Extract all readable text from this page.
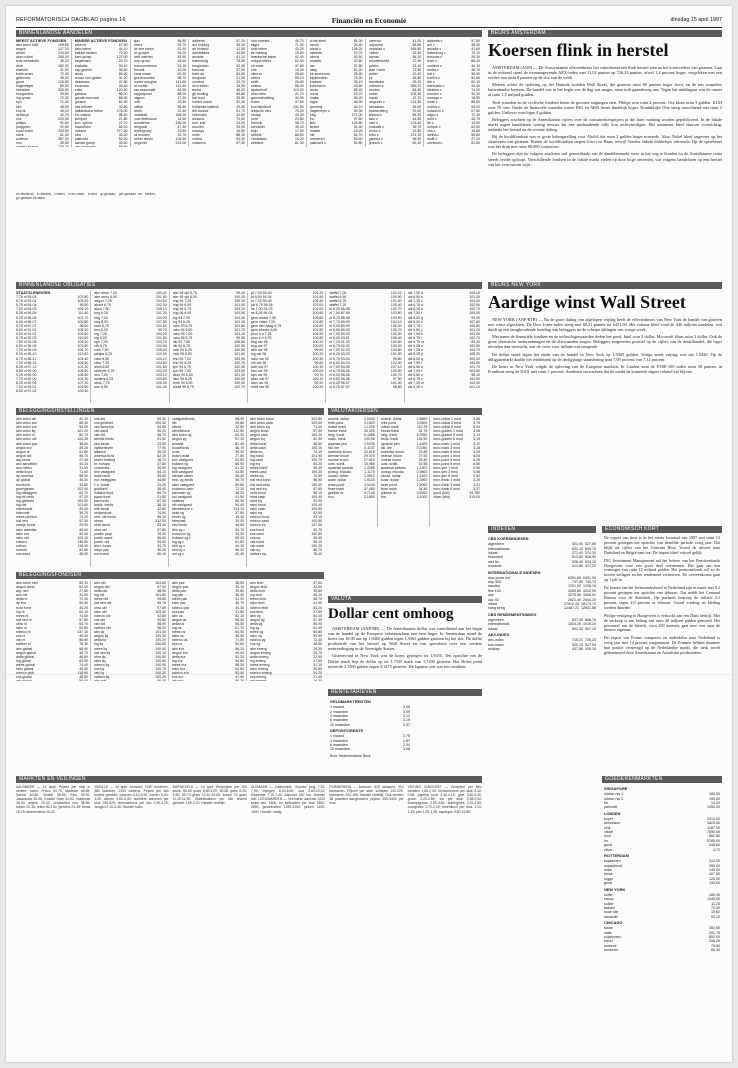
REFORMATORISCH DAGBLAD pagina 16	Financiën en Economie	dinsdag 15 april 1997
BINNENLANDSE AANDELEN
MEEST ACTIEVE FONDSEN
abn amro hold	105,80
aegon	127,10
ahold	134,60
akzo nobel	265,00
bols wessanen	35,20
dsm	182,20
elsevier	31,90
fortis amev	72,40
getronics	48,20
gucci	126,80
hagemeyer	89,50
heineken	330,50
hoogovens	99,60
ing groep	72,30
kpn	71,40
klm	48,90
knp bt	45,10
nedlloyd	42,70
oce	229,00
philips	91,60
polygram	92,80
royal dutch	333,50
stork	61,40
unilever	387,00
vnu	39,80
MINDER ACTIEVE FONDSEN
ahrend	67,50
asm intern	44,10
ballast nedam	79,90
bam groep	122,00
begemann	24,70
boskalis	39,10
cap gemini	38,60
cindu	89,00
crown van gelder	31,20
desseaux	47,80
econosto	26,40
eriks	120,50
gamma	96,00
gouda vuurvast	68,30
grolsch	61,90
hes beheer	43,80
hollandsche beton	276,00
ihc caland	98,40
kempen	21,80
kon. sphinx	22,70
macintosh	56,10
nutricia	277,50
otra	30,20
pakhoed	52,00
samas groep	35,60
ajax	56,80
beers	29,70
de drie electr	61,40
de gruyter	33,20
delft instrum	45,90
dorp groep	18,60
eurocommerce	24,10
flexovit	40,00
frans maas	62,30
gist-brocades	58,70
hunter douglas	141,60
int muller	112,40
kas associatie	64,90
koppelpoort	88,00
nagron	17,20
norit	22,50
palthe	36,80
pirelli	12,40
randstad	168,20
rood testhouse	14,90
schuitema	236,00
telegraaf	47,30
textielgroep	19,80
vd moolen	31,70
volker stevin	104,50
wegener	213,00
aalberts	57,20
acf holding	38,40
air holland	12,30
amstelland	44,80
arcadis	41,10
batenburg	78,50
berghuizer	63,40
besouw	27,90
boer de	84,60
burgman	21,30
content	33,70
dico intern	18,90
emba	46,20
gti holding	69,80
hal trust	35,50
hoek's mach	52,10
hollandia kattenb	29,40
ibb kondor	61,70
internatio	42,80
kiekens	73,60
kon. kne	24,20
moolen	39,90
neways	16,50
nolte	88,10
ordina	54,40
rodamco	67,30
roto smeets	48,70
sligro	71,90
smit intern	43,20
tie holding	15,60
twentsche kabel	92,40
unique intern	62,50
vd ende	37,80
vhs	19,30
vilenzo	28,60
welna	55,10
wolff	26,80
ceteco	58,40
dyckerhoff	113,00
ehco kles	21,70
gammaholding	34,90
holec	47,60
kon bijenkorf	131,50
leidsche verz	76,20
nedap	44,30
pont	23,80
reesink	98,70
schoeller	39,40
tulip	17,90
ubbink	66,60
vredestein	14,20
zeeland	81,30
a.nat.steel	81,00
accell	26,40
ahold c	138,20
alanheri	19,70
alrenz	43,50
arcadis	42,60
asr	37,80
atag	61,20
be semicond	28,90
blydenstein	74,30
brabant	35,10
buhrmann	49,60
cindu	88,40
corus	23,70
draka	58,20
fugro	46,90
grontmij	64,10
hagemeyer c	90,30
hbg	271,00
ihc	97,60
kbb	129,80
landré	31,40
mulder	18,20
nkf	54,70
ommeren	59,40
pakhoed c	52,80
parenco	41,20
polynorm	66,80
randstad c	169,50
rubber	22,40
samas	36,10
schuttersveld	27,90
sphinx	23,10
stad r'dam	72,50
textiel	20,40
tnt	48,80
twentsche	93,10
unilever c	389,20
vendex	84,60
volker	105,30
vopak	43,70
wegener c	214,50
wessanen	35,90
zwanenberg	29,60
ahrend c	68,20
asm c	44,80
bam c	123,40
boskalis c	39,70
crown c	31,80
eriks c	121,10
gamma c	96,90
grolsch c	62,40
aalberts c	57,80
acf c	38,90
arcadis c	41,60
batenburg c	79,10
besouw c	28,30
boer c	85,20
content c	34,10
emba c	46,70
hal c	35,90
hoek's c	52,60
ibb c	62,10
internatio c	43,30
kiekens c	74,00
moolen c	40,30
neways c	16,90
nolte c	88,60
ordina c	54,90
rodamco c	67,80
sligro c	72,30
smit c	43,70
tie c	15,90
unique c	62,90
vhs c	19,60
welna c	55,60
wolff c	27,20
zeeland c	81,80
ex-dividend, b=bieden, l=laten, x=ex-claim, s=slot, g=gedaan, gb=gedaan en bieden, gl=gedaan en laten.
BINNENLANDSE OBLIGATIES
STAATSLENINGEN
7,75 nl 93-03	102,80
6,75 nl 93-04	105,20
5,75 nl 94-04	99,90
7,00 nl 94-05	106,10
8,25 nl 95-05	111,40
6,25 nl 96-06	102,70
6,00 nl 96-07	100,80
5,75 nl 97-07	98,60
8,50 nl 91-01	108,20
9,00 nl 91-01	109,50
8,75 nl 92-02	110,90
7,50 nl 93-08	108,30
6,50 nl 96-08	103,80
7,25 nl 94-09	106,70
8,00 nl 95-10	112,60
6,75 nl 96-11	104,40
7,00 nl 96-12	105,90
6,25 nl 97-13	101,20
8,50 nl 90-00	105,60
9,25 nl 90-00	106,90
7,75 nl 92-00	104,30
8,25 nl 92-01	107,10
7,00 nl 93-01	103,50
6,00 nl 97-02	100,40
abn amro 7,00	103,40
abn amro 6,50	101,80
aegon 7,25	104,60
ahold 6,75	102,30
akzo 7,50	105,10
bng 6,25	101,20
bng 7,00	104,00
bng 8,00	107,80
dsm 6,75	102,60
fmo 6,00	99,70
ing 7,25	104,20
ing 6,50	101,50
kpn 7,00	103,70
nib 6,75	102,90
nwb 7,50	105,40
philips 6,25	100,90
rabo 6,00	100,10
rabo 7,25	104,80
shell 6,50	101,60
unilever 6,75	102,20
vnu 7,00	103,10
wolters 6,25	100,60
stork 7,75	106,30
oce 6,50	101,40
abn 94 opl 5,75	99,40
abn 95 opl 6,00	100,20
bng 93 7,25	105,30
bng 94 6,50	101,90
bng 95 6,75	103,10
bng 96 6,00	100,50
ing 93 7,00	104,40
ing 94 6,25	101,10
rabo 93 6,75	102,80
rabo 94 6,50	101,70
rabo 95 7,00	104,10
rabo 96 5,75	99,30
nib 93 7,50	105,60
nib 94 6,75	102,50
nwb 94 6,25	100,80
nwb 95 6,50	101,60
fmo 93 7,00	103,90
fmo 94 6,25	100,70
kpn 94 6,75	102,40
kpn 95 7,00	103,60
akzo 94 6,50	101,30
dsm 95 6,25	100,60
shell 94 6,00	100,00
ahold 95 6,75	102,70
pt 7,00 93-03	104,20
pt 6,50 94-04	101,90
pt 7,25 95-05	105,40
ptt 6,75 96-06	103,00
ns 7,00 93-03	104,00
ns 6,25 95-05	100,90
gem a'dam 7,50	105,80
gem r'dam 7,00	103,80
gem den haag 6,75	102,60
gem utrecht 6,50	101,50
prov n-h 7,25	104,90
prov z-h 6,75	102,80
bng var 96	100,10
bng var 97	100,00
abn var 95	99,90
ing var 96	100,20
rabo var 95	100,30
nib var 96	99,80
nwb var 97	100,40
fmo var 95	100,00
kpn var 96	99,70
akzo var 97	100,10
dsm var 96	99,90
shell var 95	100,20
staffel 7,00	102,10
staffel 6,50	100,90
staffel 6,75	101,60
staffel 7,25	103,40
nl 8,25 86-98	102,70
nl 7,50 87-99	103,60
nl 8,75 88-98	103,90
nl 7,75 89-99	104,10
nl 9,00 89-99	106,20
nl 8,50 89-00	105,70
nl 7,00 90-00	103,30
nl 8,00 90-01	106,40
nl 7,25 91-02	104,50
nl 6,75 92-02	103,20
nl 7,00 92-03	104,60
nl 6,25 93-03	101,80
nl 5,75 93-04	99,80
nl 6,50 94-04	102,40
nl 7,50 94-05	107,10
nl 6,75 95-05	103,90
nl 6,00 95-06	100,70
nl 5,50 96-06	97,90
nl 6,25 96-07	101,40
nl 5,75 97-07	98,80
obl 7,00 a	103,10
obl 6,50 b	101,30
obl 7,25 c	104,40
obl 6,75 d	102,50
obl 6,25 e	100,70
obl 7,50 f	105,50
obl 6,00 g	99,90
obl 8,00 h	107,60
obl 7,75 i	106,80
obl 6,50 j	101,20
obl 7,00 k	103,50
obl 6,75 l	102,70
obl 5,75 m	99,20
obl 6,25 n	100,90
obl 7,25 o	104,70
obl 8,25 p	108,30
obl 6,00 q	100,00
obl 7,50 r	105,90
obl 6,50 s	101,70
obl 7,00 t	103,80
obl 5,50 u	98,10
obl 6,75 v	102,90
obl 7,25 w	104,30
obl 6,25 x	101,10
VALUTAKOERSEN
amerik. dollar	1,9340
brits pond	3,1520
duitse mark	1,1235
franse frank	33,325
belg. frank	5,4455
zwits. frank	130,96
japanse yen	1,5235
ital. lire	0,1137
zweedse kroon	24,915
deense kroon	29,470
noorse kroon	27,610
oost. schill.	15,965
spaanse peseta	1,3285
portug. escudo	1,1175
canad. dollar	1,3910
austr. dollar	1,5130
ierse pond	3,0140
finse mark	37,480
griekse dr.	0,7145
ecu	2,1855
amerik. dollar	1,8600
brits pond	3,0500
duitse mark	110,75
franse frank	31,75
belg. frank	5,2550
zwits. frank	126,50
japanse yen	1,4300
ital. lire	0,1050
zweedse kroon	22,85
deense kroon	27,90
noorse kroon	25,40
oost. schill.	15,56
spaanse peseta	1,2300
portug. escudo	0,9800
canad. dollar	1,3100
austr. dollar	1,3900
ierse pond	2,9000
finse mark	34,50
griekse dr.	0,6200
ecu	2,1000
euro-dollar 1 mnd	5,56
euro-dollar 3 mnd	5,75
euro-dollar 6 mnd	5,93
euro-gulden 1 mnd	3,06
euro-gulden 3 mnd	3,12
euro-gulden 6 mnd	3,19
euro-mark 1 mnd	3,12
euro-mark 3 mnd	3,18
euro-mark 6 mnd	3,25
euro-pond 1 mnd	6,06
euro-pond 3 mnd	6,25
euro-pond 6 mnd	6,50
euro-yen 1 mnd	0,50
euro-yen 3 mnd	0,56
euro-yen 6 mnd	0,62
euro-frank 1 mnd	3,25
euro-frank 3 mnd	3,31
euro-frank 6 mnd	3,37
goud (kilo)	19.780
zilver (kilo)	319,00
BELEGGINGSINSTELLINGEN
abn amro afr	42,10
abn amro am	68,40
abn amro eur	55,90
abn amro liq	101,20
abn amro nl	82,70
abn amro obl	104,30
abn amro pac	38,60
aegon eur	49,20
aegon nl	61,80
aegon obl	96,70
alg fonds	27,40
asn aandelen	44,10
asn milieu	31,50
delta lloyd	71,60
dp america	58,90
dp global	46,30
eurofund	33,80
groeigarant	102,40
ing beleggers	63,70
ing bk rente	97,20
ing geldmkt	100,90
ing obl	101,60
interbonds	95,40
interunie	39,70
mees pierson	74,20
nat ned	57,30
oranje fonds	29,90
rabo amerika	45,60
rabo eur	52,40
rabo obl	103,10
robeco	136,80
rolinco	118,40
rorento	92,60
sns aand	48,90
sns obl	99,30
sns geldmkt	100,40
van lanschot	64,80
vsb aand	56,20
vsb obl	98,70
wereld fonds	41,30
yen fonds	23,60
zwitserleven	77,90
alliance	35,20
america fund	62,40
bever holding	18,70
br. europa	47,80
concentra	26,90
dim vastgoed	54,10
dutch tech	39,60
eur. beleggers	44,80
f. h. fonds	31,20
goldfund	28,40
holland fund	59,70
japan fund	21,80
kas fonds	87,30
landb. fonds	36,10
mfk fonds	42,60
nedamtrust	74,90
ned. obl fonds	96,10
obam	312,00
ohra aand	53,40
ohra obl	97,80
pacific prop	19,30
postb. aand	66,50
postb. obl	99,60
tech. fonds	34,70
tokyo pac	38,20
uni invest	45,10
vastgoedfonds	58,30
vib	49,60
wilma	32,80
wereldhave	112,50
abn amro vg	64,20
aegon vg	57,10
amvest	81,40
bouwfonds	46,70
corio	39,30
dutch retail	27,60
eur. vastgoed	53,80
holland vg	68,90
ing vastgoed	61,20
kbb vastgoed	43,50
nieuwe steen	36,40
ned. vg fonds	55,70
rabo vastgoed	59,80
rodamco nam	72,10
schroder vg	48,20
uni vastgoed	41,90
vastned	66,30
vib vastgoed	50,40
wereldhave c	113,10
zeist vg	37,80
bever vg	19,10
breevast	29,40
cbv fonds	44,60
dim vg c	54,70
eurocom vg	33,20
holland vg c	69,40
ing vg c	61,80
kbb vg c	44,10
ned vg c	56,20
uni vg c	42,40
abn amro bond	102,80
abn amro cash	100,60
abn amro eq	71,40
aegon bond	97,30
aegon cash	100,20
aegon eq	62,30
delta bond	98,60
delta cash	100,10
delta eq	72,10
ing bond	101,90
ing cash	100,70
ing eq	64,20
mees bond	99,40
mees cash	100,30
mees eq	74,80
nat ned bond	96,90
nat ned cash	100,00
nat ned eq	57,90
ohra bond	98,10
ohra cash	100,40
ohra eq	53,90
rabo bond	103,40
rabo cash	100,50
rabo eq	52,90
robeco bond	93,10
robeco cash	100,80
robeco eq	137,30
sns bond	99,70
sns cash	100,60
sns eq	49,40
vsb bond	99,10
vsb cash	100,20
vsb eq	56,70
zwitser eq	78,40
BELEGGINGSFONDSEN
abn amro ned	83,10
aegon aand	62,40
alg. ned	27,80
asn mil	31,90
delta nl	72,30
dp eur	59,40
euro fund	34,20
ing nl	64,10
mees nl	74,60
nat ned nl	57,80
ohra nl	53,70
rabo nl	52,80
robeco nl	137,10
sns nl	49,30
vsb nl	56,60
zwitser nl	78,30
abn global	68,90
aegon global	49,70
delta global	46,80
ing global	63,90
mees global	74,40
rabo global	45,90
robeco glob	118,90
sns global	48,60
abn obl	104,60
aegon obl	97,00
delta obl	98,90
ing obl	101,80
mees obl	99,60
nat ned obl	96,70
ohra obl	97,60
rabo obl	103,30
robeco obl	92,80
sns obl	99,50
vsb obl	98,90
zwitser obl	98,20
abn liq	101,40
aegon liq	100,30
delta liq	100,20
ing liq	100,80
mees liq	100,40
nat ned liq	100,10
ohra liq	100,50
rabo liq	100,60
robeco liq	100,90
sns liq	100,70
vsb liq	100,30
zwitser liq	100,20
abn pac	38,90
aegon pac	33,10
delta pac	29,60
ing pac	36,40
mees pac	41,20
rabo pac	35,70
robeco pac	44,30
sns pac	31,80
abn us	62,10
aegon us	58,40
delta us	55,30
ing us	61,70
mees us	64,90
rabo us	45,40
robeco us	71,80
sns us	52,60
abn eur	56,10
aegon eur	49,40
delta eur	51,20
ing eur	54,80
mees eur	58,30
rabo eur	52,60
robeco eur	63,40
sns eur	47,90
abn tech	47,60
aegon tech	42,30
delta tech	39,80
ing tech	45,10
mees tech	48,70
rabo tech	41,90
robeco tech	53,20
sns tech	37,60
abn vg	64,40
aegon vg	57,30
delta vg	55,90
ing vg	61,40
mees vg	66,80
rabo vg	59,90
robeco vg	72,40
sns vg	48,50
abn emerg	29,30
aegon emerg	24,70
delta emerg	22,90
ing emerg	27,60
mees emerg	31,10
rabo emerg	25,80
robeco emerg	34,20
sns emerg	21,40
VALUTA
Dollar cent omhoog

AMSTERDAM (ANP/RB) — De Amerikaanse dollar was vanochtend aan het begin van de handel op de Europese valutamarkten een cent hoger. In Amsterdam stond de koers om 10.00 uur op 1,9465 gulden tegen 1,9365 gulden gisteren bij het slot. De dollar profiteerde van het herstel op Wall Street en van speculatie over een verdere renteverhoging in de Verenigde Staten.

Gisteravond in New York was de koers gestegen tot 1,9455. Ten opzichte van de Duitse mark liep de dollar op tot 1,7335 mark van 1,7280 gisteren. Het Britse pond noteerde 3,1560 gulden tegen 3,1475 gisteren. De Japanse yen was iets zwakker.

RENTETARIEVEN
GELDMARKTRENTEN
1 maand	3,06
2 maanden	3,09
3 maanden	3,12
6 maanden	3,19
12 maanden	3,37
DEPOSITORENTE
1 maand	2,75
3 maanden	2,87
6 maanden	2,94
12 maanden	3,06
Bron: Nederlandsche Bank
MARKTEN EN VEILINGEN

AALSMEER — 14 april. Prijzen per stuk in centen: rozen: Frisco 50-70, Madelon 45-65, Sacha 40-60, Vivaldi 38-55, Kiss 35-52, Jacaranda 30-48, Golden Gate 42-62, Noblesse 36-54; anjers: 20-32; chrysanten tros 38-58; tulpen 22-35; lelies 80-140; gerbera 24-38; fresia 18-29; alstroemeria 25-42.

ZWOLLE — 14 april. Aanvoer: 1240 runderen, 380 kalveren, 2100 varkens. Prijzen per kilo levend gewicht: vaarzen 4,10-4,90, koeien 3,40-4,20, stieren 4,60-5,30; nuchtere kalveren per stuk 290-520; vleesvarkens per kilo 2,95-3,20; zeugen 2,10-2,45. Handel: kalm.

BARNEVELD — 14 april. Eierprijzen per 100 stuks: 55-60 gram 8,50-9,20; 60-65 gram 9,20-9,90; 65-70 gram 10,10-10,80; boven 70 gram 11,20-11,90. Slachtkuikens per kilo levend gewicht 1,95-2,10. Handel: redelijk.

ALKMAAR — Kaasmarkt. Goudse jong 7,20-7,50, belegen 8,40-8,80, oud 9,60-10,10, Edammer 7,10-7,40. Aanvoer 240 ton. Handel: vlot. LEEUWARDEN — Veemarkt: aanvoer 2210 stuks vee. Melk- en kalfkoeien per stuk 1850-2650, gustekoeien 1450-2100, pinken 1100-1600. Handel: matig.

PURMEREND — Aanvoer: 620 schapen, 410 lammeren. Prijzen per stuk: schapen 140-225, lammeren 120-190. Handel: redelijk. Ook werden 38 paarden aangevoerd, prijzen 900-3400 per stuk.

VEILING ZUIDOOST — Groenten per kilo: tomaten 1,85-2,30; komkommers per stuk 0,42-0,58; paprika rood 3,40-4,10, geel 3,60-4,30, groen 2,20-2,80; sla per stuk 0,38-0,52; champignons 2,90-3,60; aubergines 2,10-2,60; courgettes 1,70-2,20; bloemkool per stuk 1,10-1,45; prei 1,05-1,35; asperges 9,50-12,80.

BEURS AMSTERDAM
Koersen flink in herstel

AMSTERDAM (ANP) — De Amsterdamse effectenbeurs liet vanochtend een flink herstel zien na het koersverlies van gisteren. Laat in de ochtend stond de toonaangevende AEX-index met 11,02 punten op 726,23 punten, ofwel 1,4 procent hoger, vergeleken met een verlies van ruim 8 punten op de slot van de week.

Meteen achter de opleving op het Damrak stonden Wall Street, die gisteren ruim 60 punten hoger sloot, en de iets soepelere buitenlandse koersen. De handel was in het begin van de dag wat mager, maar trok gaandeweg aan. Tegen het middaguur was de omzet al ruim 1,5 miljard gulden.

Tech-waarden en de cyclische fondsen lieten de grootste stijgingen zien. Philips won ruim 2 procent, Oce klom ruim 3 gulden. KLM won 70 cent. Onder de financiële waarden waren ING en ABN Amro duidelijk hoger. Koninklijke Olie steeg vanochtend met ruim 2 gulden, Unilever won bijna 4 gulden.

Beleggers wachten op de Amerikaanse cijfers over de consumentenprijzen ja die later vandaag worden gepubliceerd. In de lokale markt zagen handelaren weinig nieuws dat een aanhoudende rally kon rechtvaardigen. Het sentiment bleef daarom voorzichtig, ondanks het herstel na de recente daling.

Bij de hoofdfondsen was er grote belangstelling voor Ahold, dat ruim 2 gulden hoger noteerde. Akzo Nobel bleef ongeveer op het slotniveau van gisteren. Buiten de hoofdfondsen stegen Gucci en Baan, terwijl Vendex enkele dubbeltjes inleverde. Op de optiebeurs was het druk met ruim 80.000 contracten.

De beleggers zijn nu volgens analisten wel genoodzaakt om de aandelenmarkt weer in het oog te houden nu de Amerikaanse rente steeds verder oploopt. Verschillende fondsen in de lokale markt vielen op door hoge omzetten, wat volgens handelaren op een herstel van het vertrouwen wijst.

BEURS NEW YORK
Aardige winst Wall Street

NEW YORK (ANP/RTR) — Na de grote daling van afgelopen vrijdag heeft de effectenbeurs van New York de handel van gisteren met winst afgesloten. De Dow Jones-index steeg met 60,21 punten tot 6451,90. Het volume bleef rond de 440 miljoen aandelen, wat duidt op een terughoudende houding van beleggers na de scherpe dalingen van vorige week.

Met name de financiële fondsen en de technologiewaarden deden het goed. Intel won 3 dollar, Microsoft klom ruim 2 dollar. Ook de grote chemische ondernemingen en de oliewaarden stegen. Beleggers reageerden positief op de cijfers van de detailhandel, die lager uitvielen dan verwacht, wat de vrees voor inflatie wat temperde.

De dollar stond tegen het einde van de handel in New York op 1,9365 gulden. Vorige week vrijdag was dat 1,9420. Op de obligatiemarkt daalde het rendement op de dertigjarige staatslening naar 7,09 procent van 7,12 procent.

De beurs in New York volgde de opleving van de Europese markten. In Londen won de FTSE-100 index ruim 30 punten, in Frankfurt steeg de DAX met ruim 1 procent. Analisten verwachten dat de markt de komende dagen volatiel zal blijven.

INDEXEN
CBS KOERSINDEXEN
algemeen	521,90 527,80
internationals	631,10 639,70
lokaal	371,40 374,30
financieel	512,60 518,90
niet fin.	528,40 534,10
industrie	412,80 417,20
INTERNATIONALE INDEXEN
dow jones ind	6391,69 6451,90
s&p 500	737,65 743,73
nasdaq	1201,00 1206,76
ftse 100	4283,60 4312,90
dax	3275,56 3308,51
cac 40	2621,40 2644,20
nikkei	17912,44 18174,70
hang seng	12487,21 12601,86
CBS RENDEMENTSINDEX
algemeen	837,40 846,70
internationals	1004,20 1018,20
lokaal	602,30 607,10
AEX-INDEX
aex-index	715,21 726,23
eoe-index	520,13 527,94
midkap	437,88 439,10
ECONOMISCH KORT

De export van hout is in het eerste kwartaal van 1997 met ruim 13 procent gestegen ten opzichte van dezelfde periode vorig jaar. Dat blijkt uit cijfers van het Centrum Hout. Vooral de uitvoer naar Duitsland en België nam toe. De import bleef vrijwel gelijk.

ING Investment Management zal het beheer van het Pensioenfonds Hoogovens voor een groot deel overnemen. Het gaat om een vermogen van ruim 12 miljard gulden. Het pensioenfonds wil zo de kosten verlagen en het rendement verbeteren. De overeenkomst gaat op 1 juli in.

De kosten van het levensonderhoud in Nederland zijn in maart met 0,2 procent gestegen ten opzichte van februari. Dat meldt het Centraal Bureau voor de Statistiek. Op jaarbasis bedroeg de inflatie 2,1 procent, tegen 2,0 procent in februari. Vooral voeding en kleding werden duurder.

Philips-vestiging in Hoogeveen is verkocht aan een Duits bedrijf. Met de verkoop is een bedrag van ruim 40 miljoen gulden gemoeid. Het personeel van de fabriek, circa 200 mensen, gaat mee over naar de nieuwe eigenaar.

De export van Franse computers en onderdelen naar Nederland is vorig jaar met 14 procent toegenomen. De Fransen hebben daarmee hun positie verstevigd op de Nederlandse markt, die sterk wordt gedomineerd door Amerikaanse en Aziatische producenten.

GOEDERENMARKTEN
SINGAPORE
rubber rss 1	165,50
rubber rss 3	159,00
tin	14,20
palmolie	1355,00
LONDEN
koper	2412,00
aluminium	1625,50
zink	1187,00
nikkel	7890,00
lood	662,50
tin	5785,00
goud	348,60
zilver	4,72
ROTTERDAM
sojabonen	312,00
sojaschroot	289,00
mais	145,00
tarwe	167,50
rogge	128,00
gerst	139,00
NEW YORK
koffie	185,40
cacao	1345,00
suiker	11,25
katoen	72,30
ruwe olie	19,62
stookolie	53,10
CHICAGO
tarwe	392,50
mais	291,75
sojabonen	852,00
haver	206,25
varkens	79,80
runderen	66,40
